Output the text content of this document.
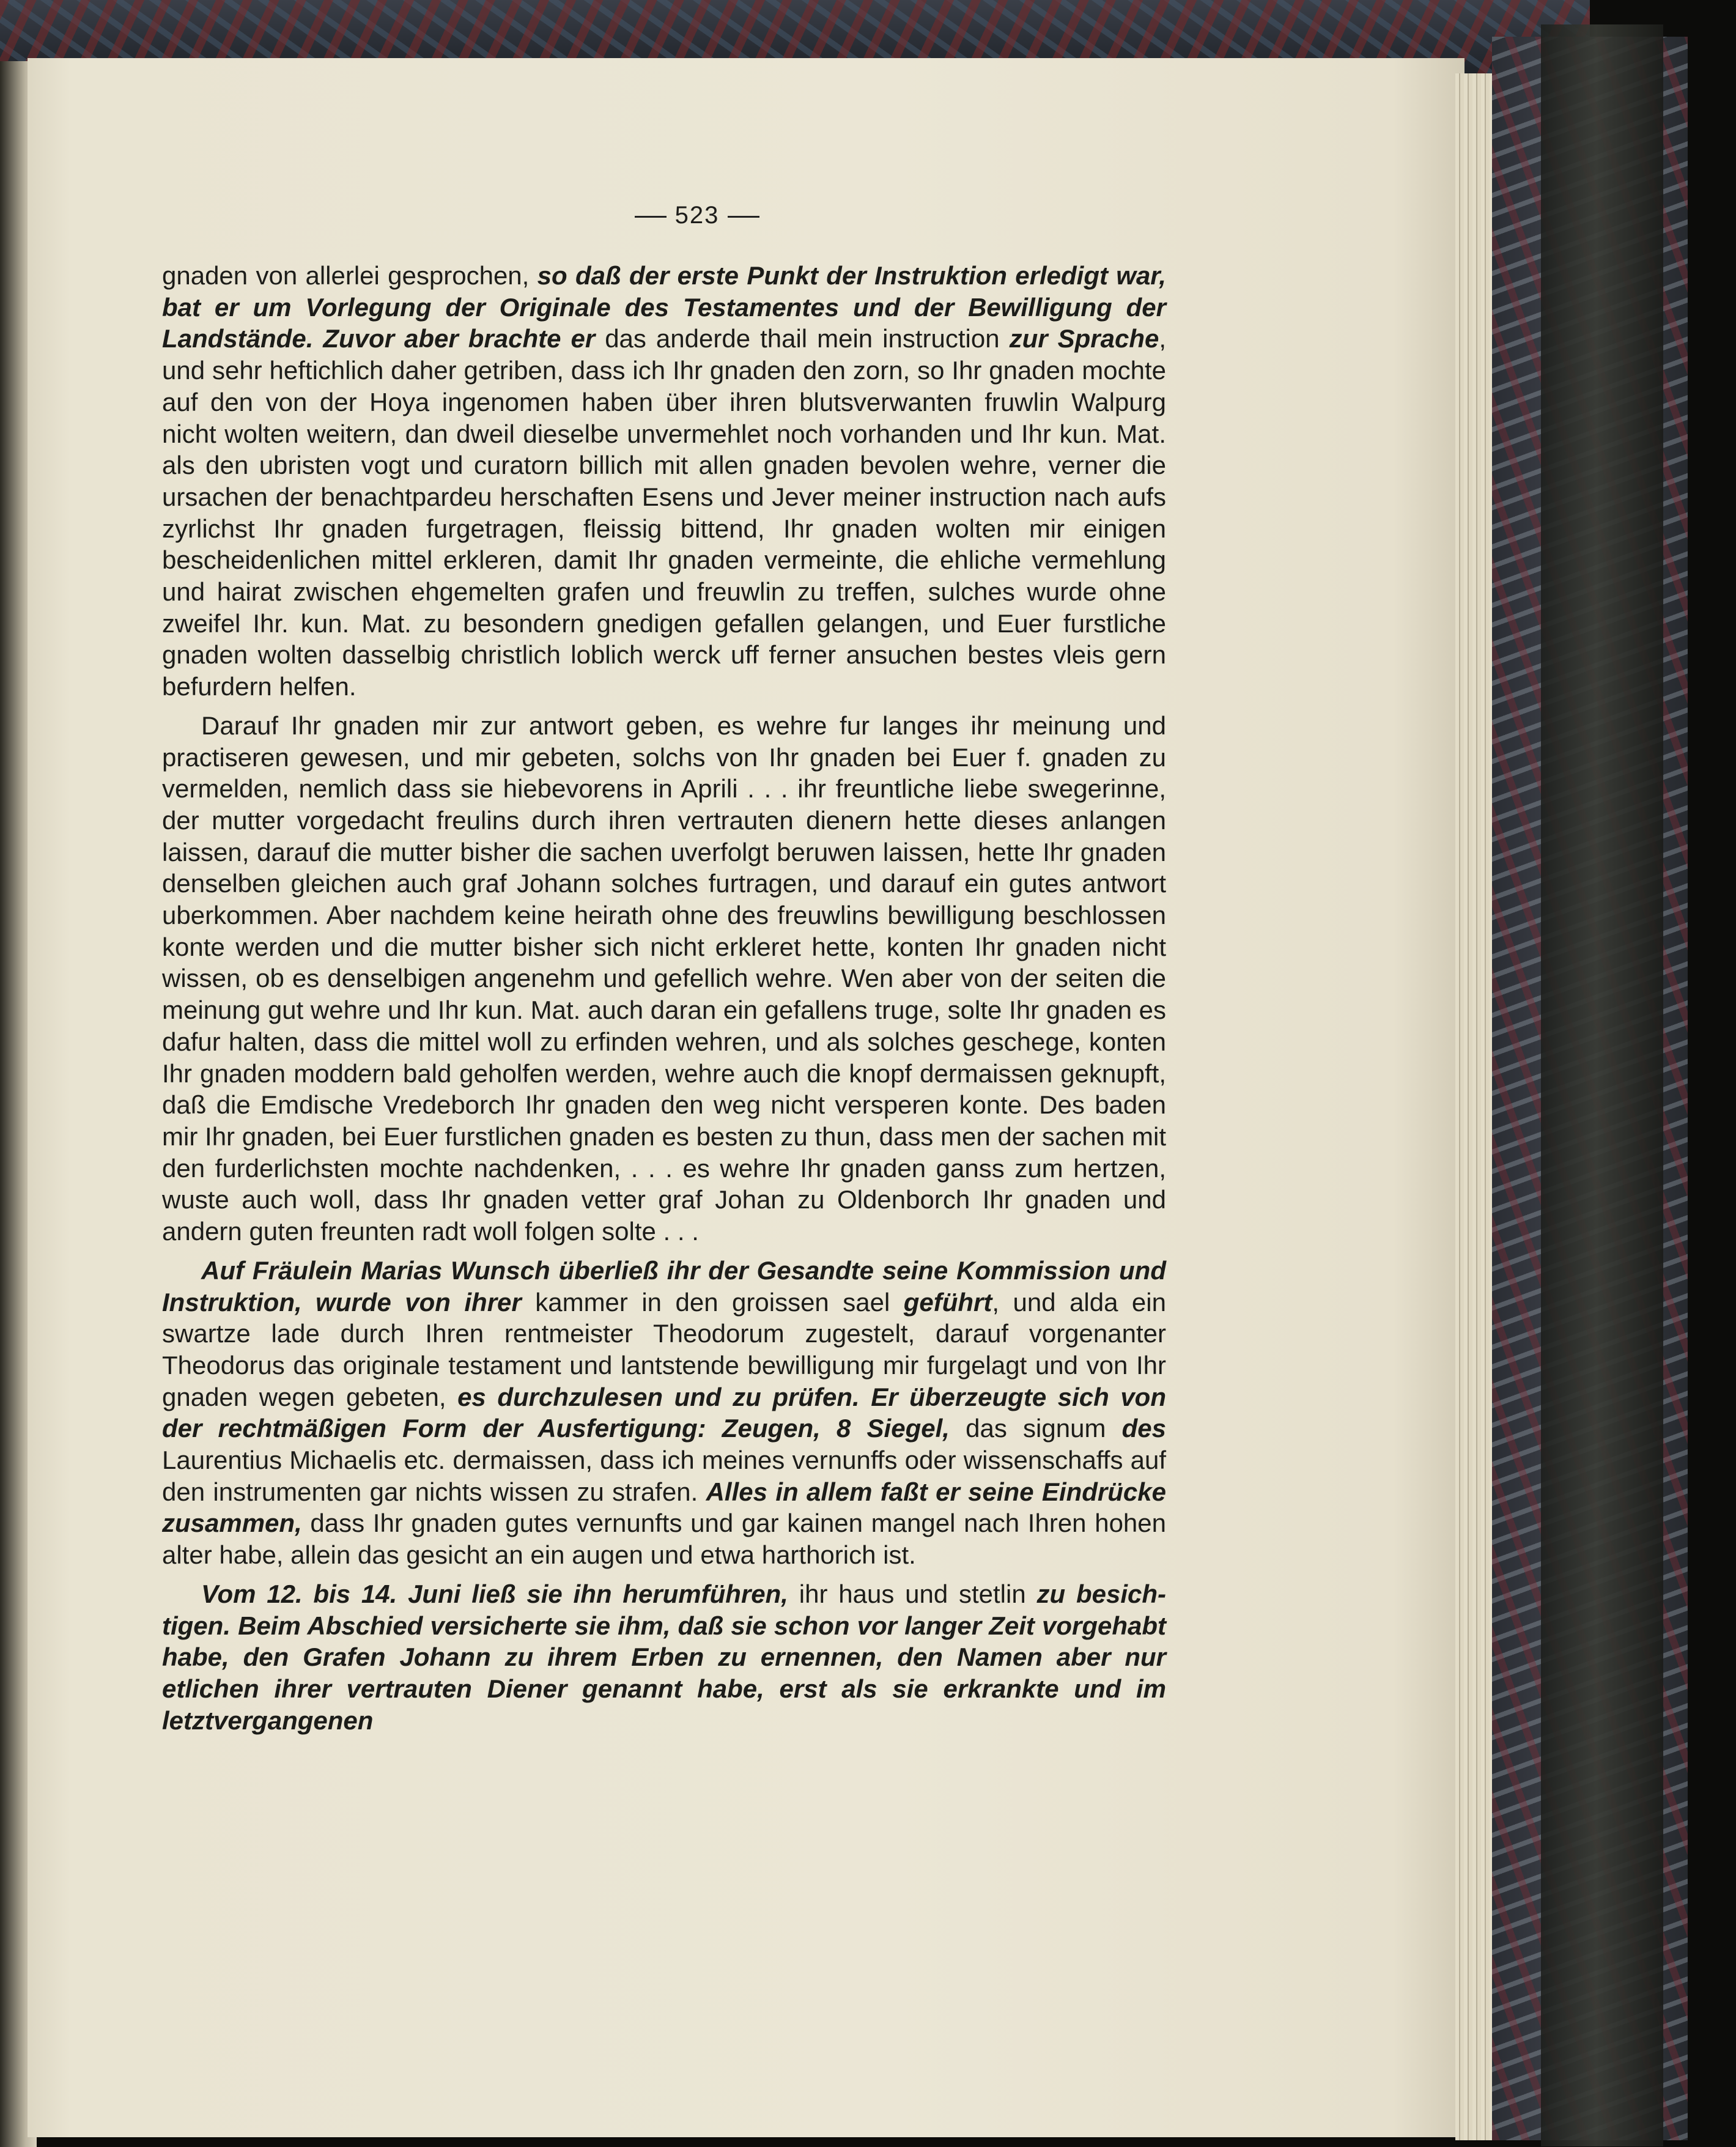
523

gnaden von allerlei gesprochen, so daß der erste Punkt der Instruktion erledigt war, bat er um Vorlegung der Originale des Testamentes und der Bewilligung der Landstände. Zuvor aber brachte er das anderde thail mein instruction zur Sprache, und sehr heftichlich daher getriben, dass ich Ihr gnaden den zorn, so Ihr gnaden mochte auf den von der Hoya ingenomen haben über ihren blutsverwanten fruwlin Walpurg nicht wolten weitern, dan dweil dieselbe unvermehlet noch vorhanden und Ihr kun. Mat. als den ubristen vogt und curatorn billich mit allen gnaden bevolen wehre, verner die ursachen der benachtpardeu herschaften Esens und Jever meiner instruction nach aufs zyrlichst Ihr gnaden furgetragen, fleissig bittend, Ihr gnaden wolten mir einigen bescheidenlichen mittel erkleren, damit Ihr gnaden vermeinte, die ehliche vermehlung und hairat zwischen ehgemelten grafen und freuwlin zu treffen, sulches wurde ohne zweifel Ihr. kun. Mat. zu besondern gnedigen gefallen gelangen, und Euer furstliche gnaden wolten dasselbig christlich loblich werck uff ferner ansuchen bestes vleis gern befurdern helfen.

Darauf Ihr gnaden mir zur antwort geben, es wehre fur langes ihr meinung und practiseren gewesen, und mir gebeten, solchs von Ihr gnaden bei Euer f. gnaden zu vermelden, nemlich dass sie hiebevorens in Aprili . . . ihr freuntliche liebe swegerinne, der mutter vorgedacht freulins durch ihren vertrauten dienern hette dieses anlangen laissen, darauf die mutter bisher die sachen uverfolgt beruwen laissen, hette Ihr gnaden denselben gleichen auch graf Johann solches furtragen, und darauf ein gutes antwort uberkommen. Aber nachdem keine heirath ohne des freuwlins bewilligung beschlossen konte werden und die mutter bisher sich nicht erkleret hette, konten Ihr gnaden nicht wissen, ob es denselbigen angenehm und gefellich wehre. Wen aber von der seiten die meinung gut wehre und Ihr kun. Mat. auch daran ein gefallens truge, solte Ihr gnaden es dafur halten, dass die mittel woll zu erfinden wehren, und als solches geschege, konten Ihr gnaden moddern bald geholfen werden, wehre auch die knopf dermaissen geknupft, daß die Emdische Vredeborch Ihr gnaden den weg nicht versperen konte. Des baden mir Ihr gnaden, bei Euer furstlichen gnaden es besten zu thun, dass men der sachen mit den furderlichsten mochte nachdenken, . . . es wehre Ihr gnaden ganss zum hertzen, wuste auch woll, dass Ihr gnaden vetter graf Johan zu Oldenborch Ihr gnaden und andern guten freunten radt woll folgen solte . . .

Auf Fräulein Marias Wunsch überließ ihr der Gesandte seine Kommission und Instruktion, wurde von ihrer kammer in den groissen sael geführt, und alda ein swartze lade durch Ihren rentmeister Theodorum zugestelt, darauf vorgenanter Theodorus das originale testament und lantstende bewilligung mir furgelagt und von Ihr gnaden wegen gebeten, es durchzulesen und zu prüfen. Er überzeugte sich von der rechtmäßigen Form der Ausfertigung: Zeugen, 8 Siegel, das signum des Laurentius Michaelis etc. dermaissen, dass ich meines vernunffs oder wissenschaffs auf den instrumenten gar nichts wissen zu strafen. Alles in allem faßt er seine Eindrücke zusammen, dass Ihr gnaden gutes vernunfts und gar kainen mangel nach Ihren hohen alter habe, allein das gesicht an ein augen und etwa harthorich ist.

Vom 12. bis 14. Juni ließ sie ihn herumführen, ihr haus und stetlin zu besichtigen. Beim Abschied versicherte sie ihm, daß sie schon vor langer Zeit vorgehabt habe, den Grafen Johann zu ihrem Erben zu ernennen, den Namen aber nur etlichen ihrer vertrauten Diener genannt habe, erst als sie erkrankte und im letztvergangenen
